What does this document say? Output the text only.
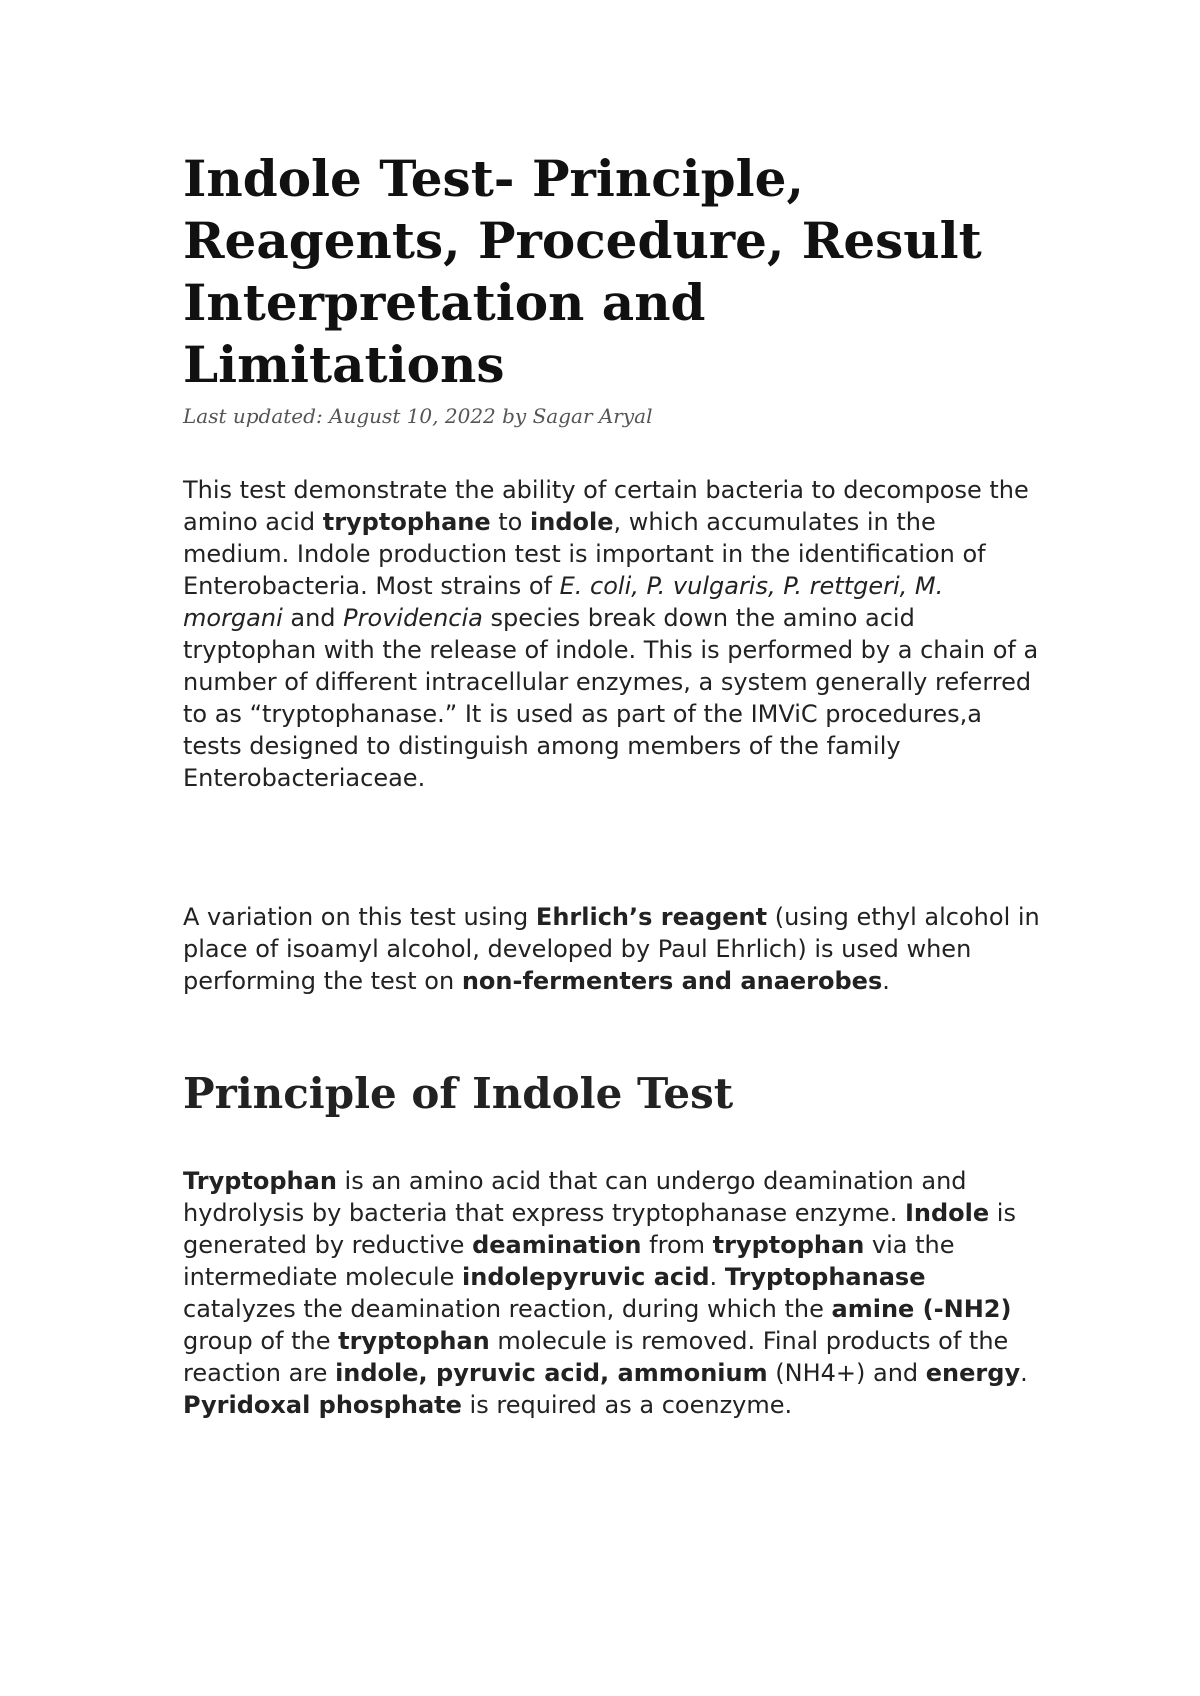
Indole Test- Principle, Reagents, Procedure, Result Interpretation and Limitations

Last updated: August 10, 2022 by Sagar Aryal

This test demonstrate the ability of certain bacteria to decompose the amino acid tryptophane to indole, which accumulates in the medium. Indole production test is important in the identification of Enterobacteria. Most strains of E. coli, P. vulgaris, P. rettgeri, M. morgani and Providencia species break down the amino acid tryptophan with the release of indole. This is performed by a chain of a number of different intracellular enzymes, a system generally referred to as “tryptophanase.” It is used as part of the IMViC procedures,a tests designed to distinguish among members of the family Enterobacteriaceae.

A variation on this test using Ehrlich’s reagent (using ethyl alcohol in place of isoamyl alcohol, developed by Paul Ehrlich) is used when performing the test on non-fermenters and anaerobes.

Principle of Indole Test

Tryptophan is an amino acid that can undergo deamination and hydrolysis by bacteria that express tryptophanase enzyme. Indole is generated by reductive deamination from tryptophan via the intermediate molecule indolepyruvic acid. Tryptophanase catalyzes the deamination reaction, during which the amine (-NH2) group of the tryptophan molecule is removed. Final products of the reaction are indole, pyruvic acid, ammonium (NH4+) and energy. Pyridoxal phosphate is required as a coenzyme.
